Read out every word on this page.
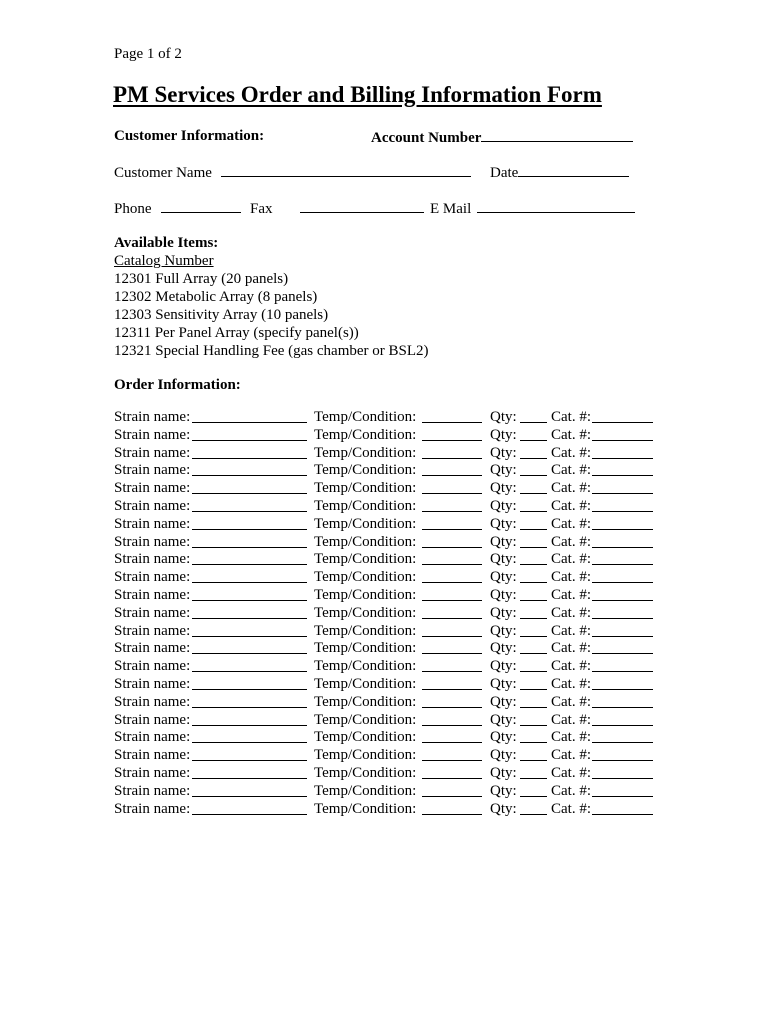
Page 1 of 2
PM Services Order and Billing Information Form
Customer Information:	Account Number
Customer Name	Date
Phone	Fax	E Mail
Available Items:
Catalog Number
12301 Full Array (20 panels)
12302 Metabolic Array (8 panels)
12303 Sensitivity Array (10 panels)
12311 Per Panel Array (specify panel(s))
12321 Special Handling Fee (gas chamber or BSL2)
Order Information:
Strain name:	Temp/Condition:	Qty: Cat. #:
Strain name:	Temp/Condition:	Qty: Cat. #:
Strain name:	Temp/Condition:	Qty: Cat. #:
Strain name:	Temp/Condition:	Qty: Cat. #:
Strain name:	Temp/Condition:	Qty: Cat. #:
Strain name:	Temp/Condition:	Qty: Cat. #:
Strain name:	Temp/Condition:	Qty: Cat. #:
Strain name:	Temp/Condition:	Qty: Cat. #:
Strain name:	Temp/Condition:	Qty: Cat. #:
Strain name:	Temp/Condition:	Qty: Cat. #:
Strain name:	Temp/Condition:	Qty: Cat. #:
Strain name:	Temp/Condition:	Qty: Cat. #:
Strain name:	Temp/Condition:	Qty: Cat. #:
Strain name:	Temp/Condition:	Qty: Cat. #:
Strain name:	Temp/Condition:	Qty: Cat. #:
Strain name:	Temp/Condition:	Qty: Cat. #:
Strain name:	Temp/Condition:	Qty: Cat. #:
Strain name:	Temp/Condition:	Qty: Cat. #:
Strain name:	Temp/Condition:	Qty: Cat. #:
Strain name:	Temp/Condition:	Qty: Cat. #:
Strain name:	Temp/Condition:	Qty: Cat. #:
Strain name:	Temp/Condition:	Qty: Cat. #:
Strain name:	Temp/Condition:	Qty: Cat. #:
